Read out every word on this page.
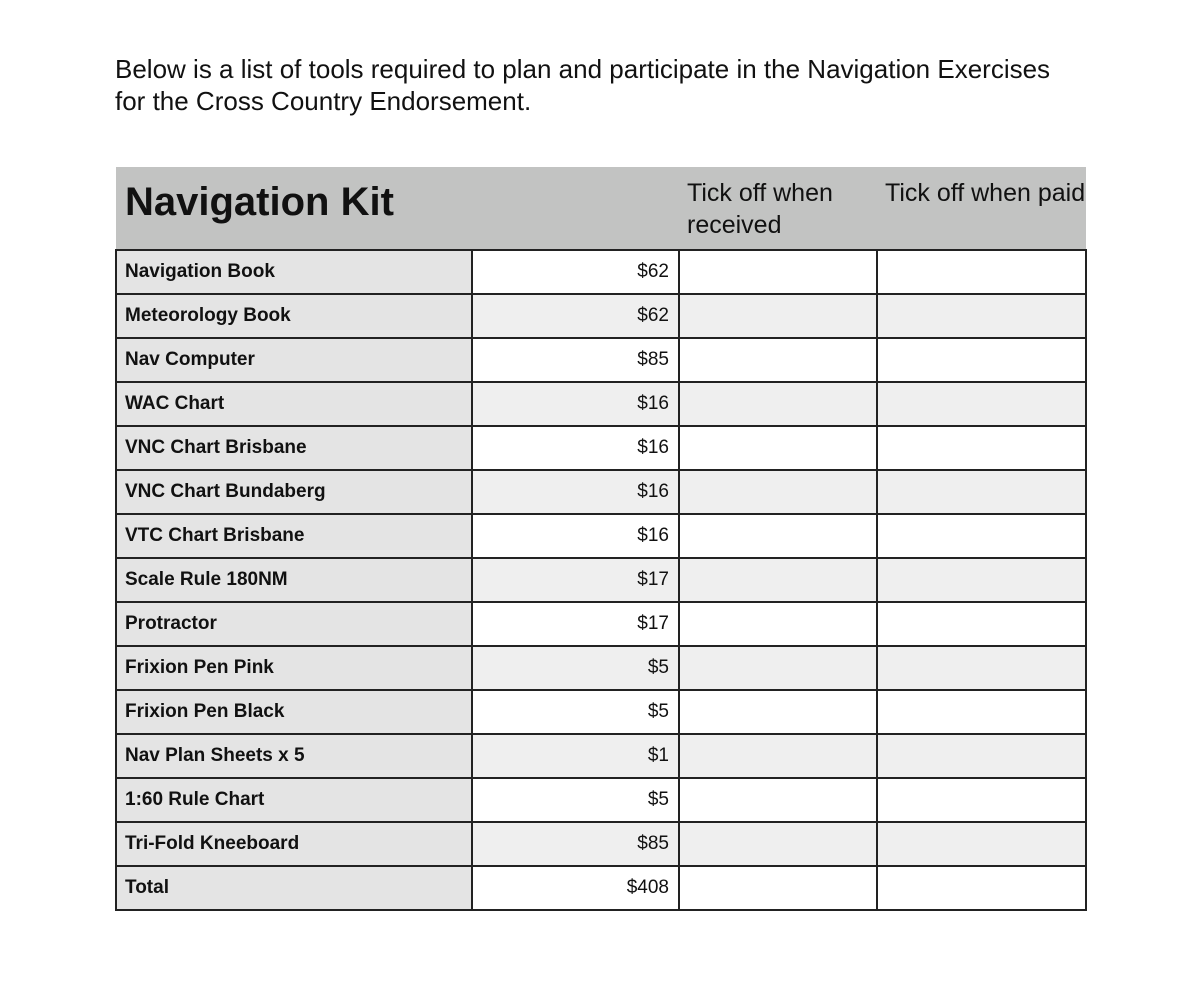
Below is a list of tools required to plan and participate in the Navigation Exercises
for the Cross Country Endorsement.

Navigation Kit		Tick off when received	Tick off when paid

Navigation Book	$62		
Meteorology Book	$62		
Nav Computer	$85		
WAC Chart	$16		
VNC Chart Brisbane	$16		
VNC Chart Bundaberg	$16		
VTC Chart Brisbane	$16		
Scale Rule 180NM	$17		
Protractor	$17		
Frixion Pen Pink	$5		
Frixion Pen Black	$5		
Nav Plan Sheets x 5	$1		
1:60 Rule Chart	$5		
Tri-Fold Kneeboard	$85		
Total	$408		
